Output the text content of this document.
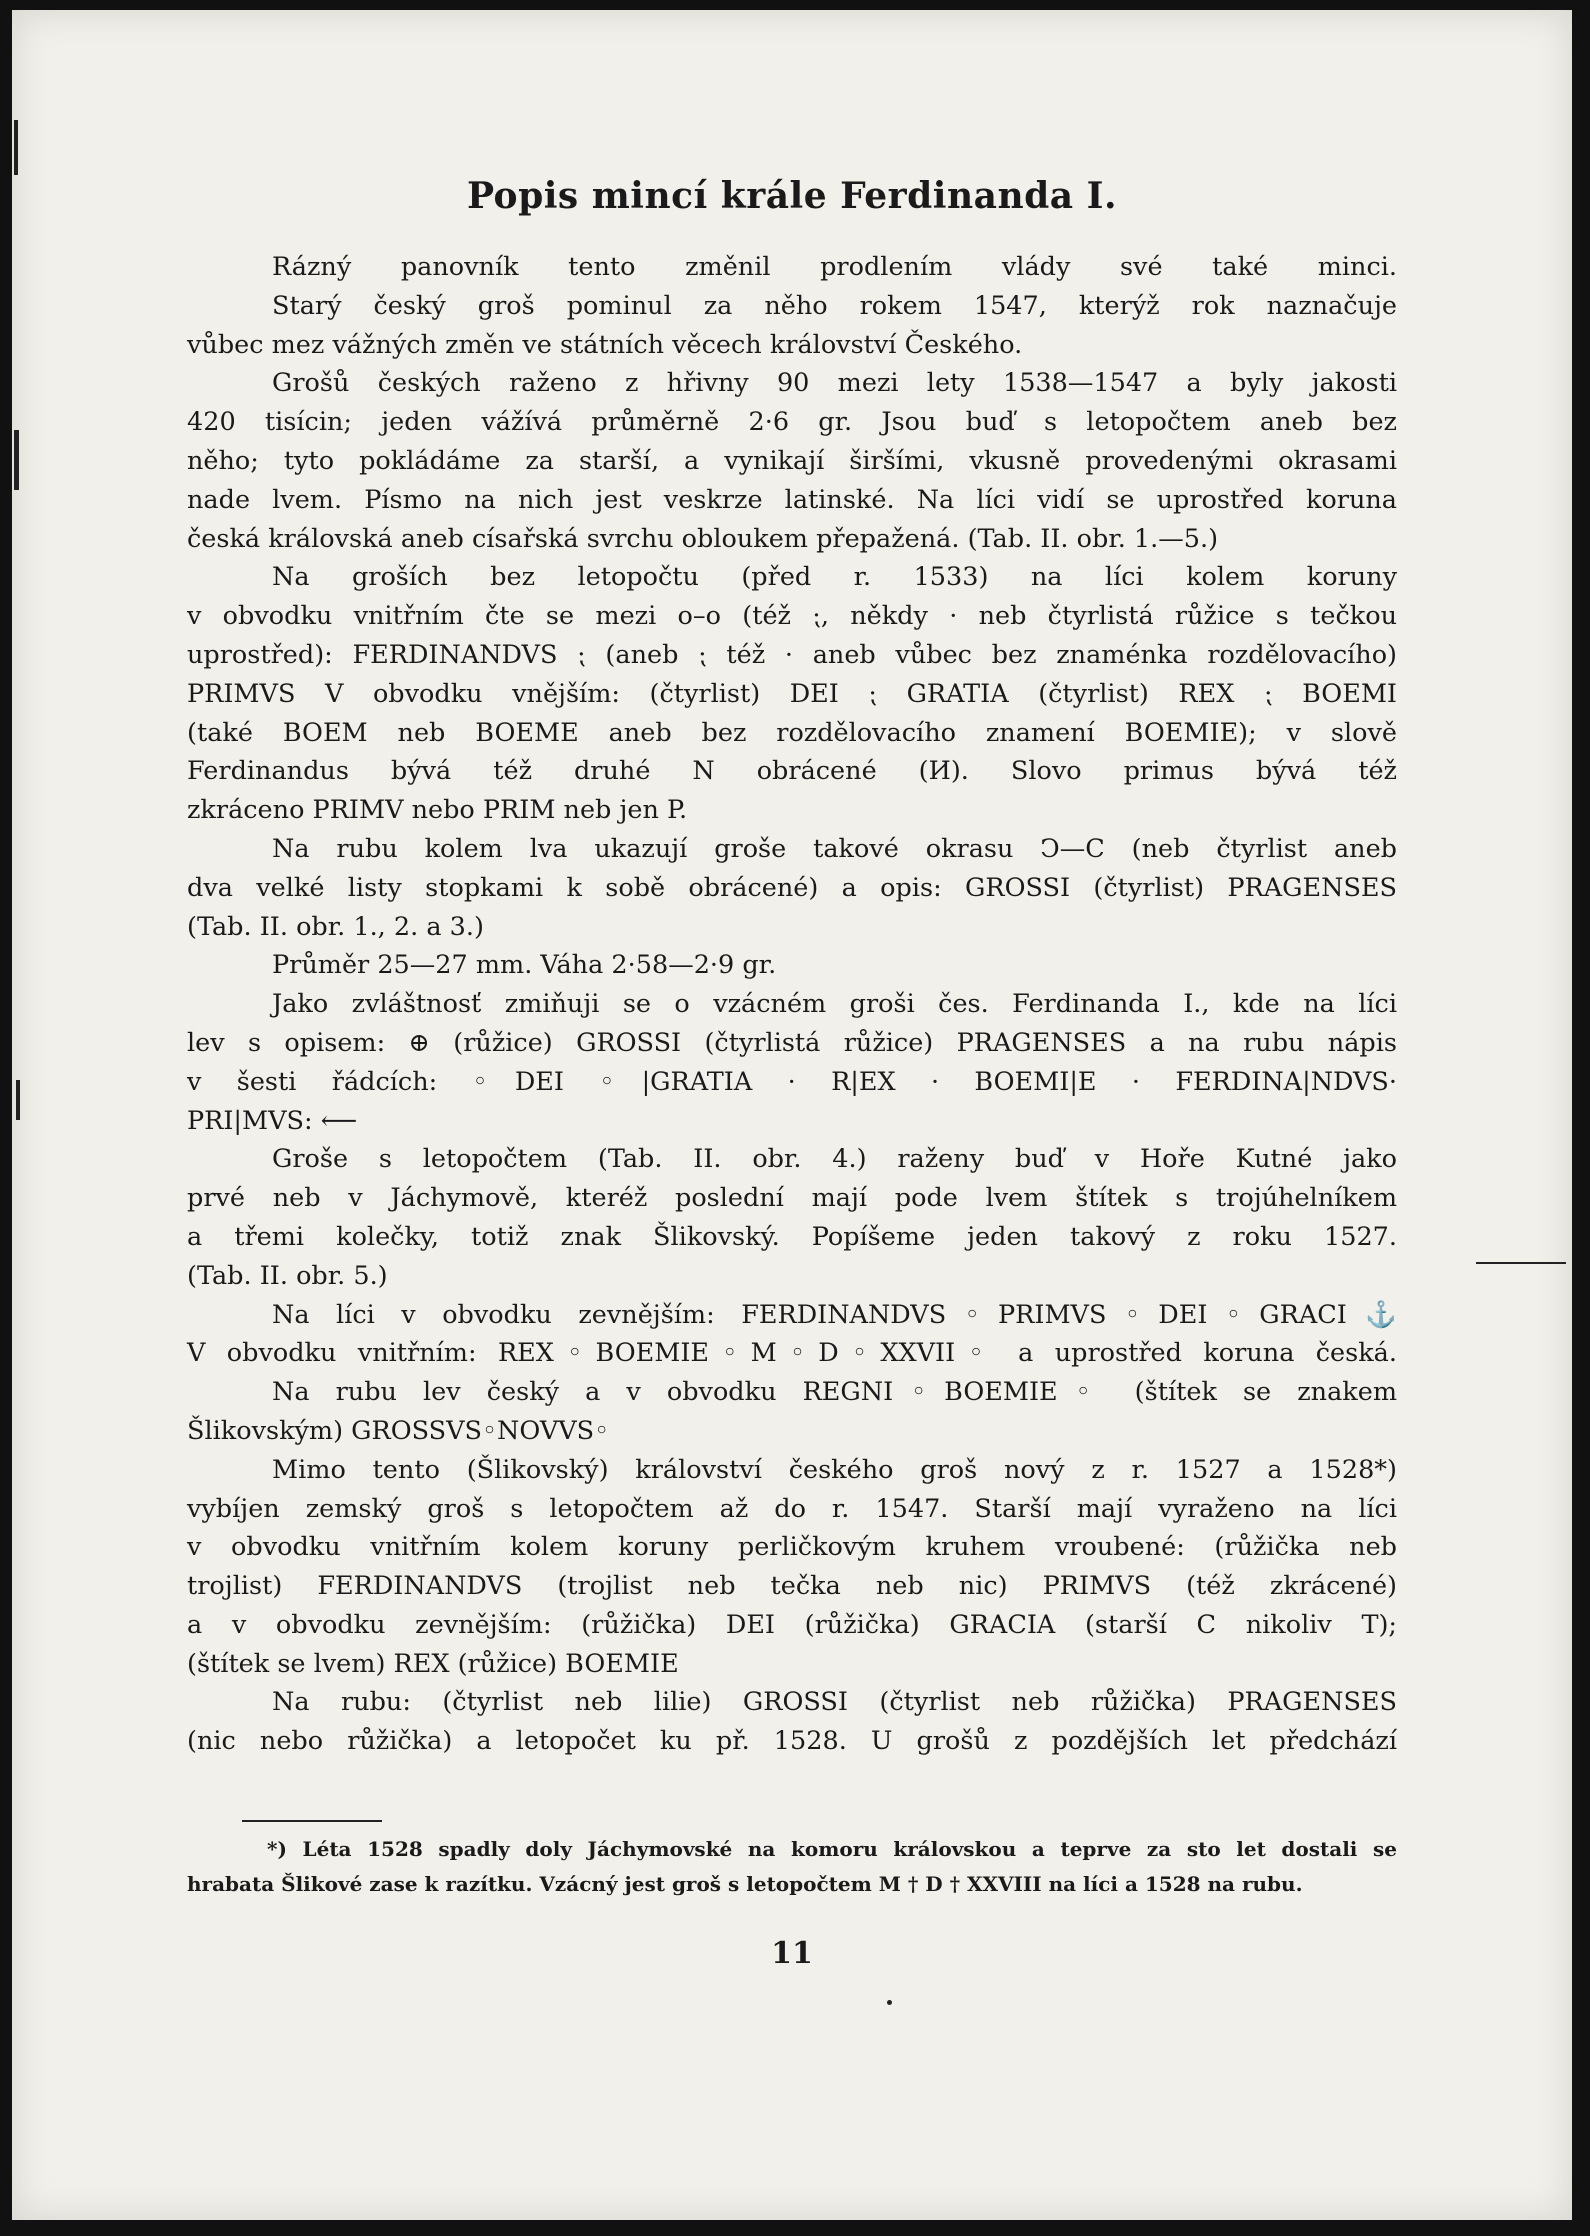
Popis mincí krále Ferdinanda I.
Rázný panovník tento změnil prodlením vlády své také minci.
Starý český groš pominul za něho rokem 1547, kterýž rok naznačuje
vůbec mez vážných změn ve státních věcech království Českého.
Grošů českých raženo z hřivny 90 mezi lety 1538—1547 a byly jakosti
420 tisícin; jeden vážívá průměrně 2·6 gr. Jsou buď s letopočtem aneb bez
něho; tyto pokládáme za starší, a vynikají širšími, vkusně provedenými okrasami
nade lvem. Písmo na nich jest veskrze latinské. Na líci vidí se uprostřed koruna
česká královská aneb císařská svrchu obloukem přepažená. (Tab. II. obr. 1.—5.)
Na groších bez letopočtu (před r. 1533) na líci kolem koruny
v obvodku vnitřním čte se mezi o–o (též ⁏, někdy · neb čtyrlistá růžice s tečkou
uprostřed): FERDINANDVS ⁏ (aneb ⁏ též · aneb vůbec bez znaménka rozdělovacího)
PRIMVS V obvodku vnějším: (čtyrlist) DEI ⁏ GRATIA (čtyrlist) REX ⁏ BOEMI
(také BOEM neb BOEME aneb bez rozdělovacího znamení BOEMIE); v slově
Ferdinandus bývá též druhé N obrácené (И). Slovo primus bývá též
zkráceno PRIMV nebo PRIM neb jen P.
Na rubu kolem lva ukazují groše takové okrasu Ͻ—C (neb čtyrlist aneb
dva velké listy stopkami k sobě obrácené) a opis: GROSSI (čtyrlist) PRAGENSES
(Tab. II. obr. 1., 2. a 3.)
Průměr 25—27 mm. Váha 2·58—2·9 gr.
Jako zvláštnosť zmiňuji se o vzácném groši čes. Ferdinanda I., kde na líci
lev s opisem: ⊕ (růžice) GROSSI (čtyrlistá růžice) PRAGENSES a na rubu nápis
v šesti řádcích: ◦DEI ◦|GRATIA · R|EX · BOEMI|E · FERDINA|NDVS·
PRI|MVS: ⟵
Groše s letopočtem (Tab. II. obr. 4.) raženy buď v Hoře Kutné jako
prvé neb v Jáchymově, kteréž poslední mají pode lvem štítek s trojúhelníkem
a třemi kolečky, totiž znak Šlikovský. Popíšeme jeden takový z roku 1527.
(Tab. II. obr. 5.)
Na líci v obvodku zevnějším: FERDINANDVS◦PRIMVS◦DEI◦GRACI⚓
V obvodku vnitřním: REX◦BOEMIE◦M◦D◦XXVII◦ a uprostřed koruna česká.
Na rubu lev český a v obvodku REGNI◦BOEMIE◦ (štítek se znakem
Šlikovským) GROSSVS◦NOVVS◦
Mimo tento (Šlikovský) království českého groš nový z r. 1527 a 1528*)
vybíjen zemský groš s letopočtem až do r. 1547. Starší mají vyraženo na líci
v obvodku vnitřním kolem koruny perličkovým kruhem vroubené: (růžička neb
trojlist) FERDINANDVS (trojlist neb tečka neb nic) PRIMVS (též zkrácené)
a v obvodku zevnějším: (růžička) DEI (růžička) GRACIA (starší C nikoliv T);
(štítek se lvem) REX (růžice) BOEMIE
Na rubu: (čtyrlist neb lilie) GROSSI (čtyrlist neb růžička) PRAGENSES
(nic nebo růžička) a letopočet ku př. 1528. U grošů z pozdějších let předchází
*) Léta 1528 spadly doly Jáchymovské na komoru královskou a teprve za sto let dostali se
hrabata Šlikové zase k razítku. Vzácný jest groš s letopočtem M † D † XXVIII na líci a 1528 na rubu.
11
